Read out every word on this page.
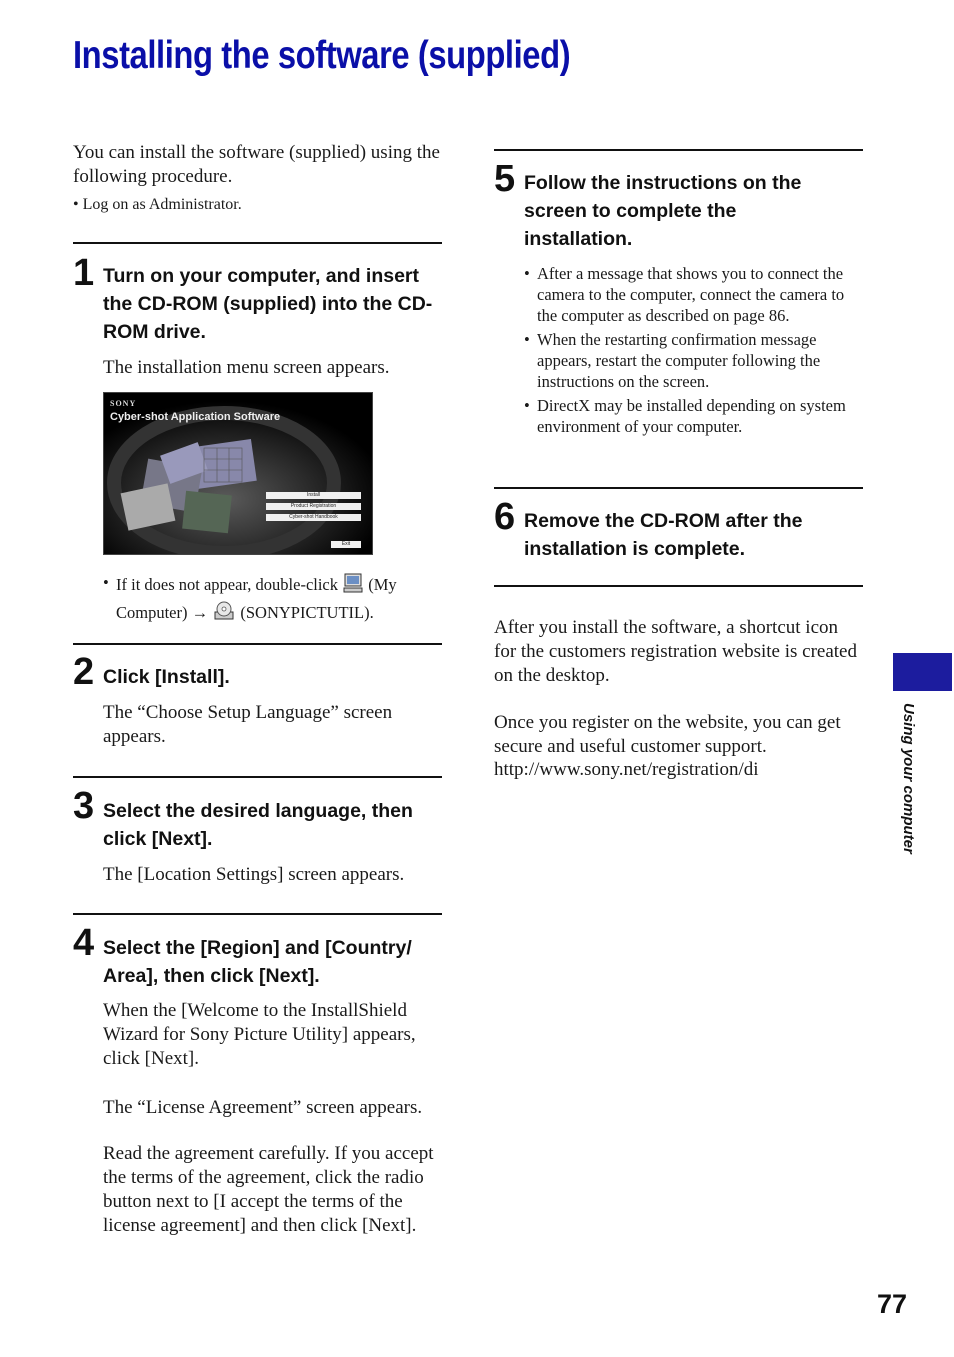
Installing the software (supplied)

You can install the software (supplied) using the following procedure.

• Log on as Administrator.
1 Turn on your computer, and insert the CD-ROM (supplied) into the CD-ROM drive.

The installation menu screen appears.

SONY
Cyber-shot Application Software
Install
Product Registration
Cyber-shot Handbook
Exit
• If it does not appear, double-click (My Computer) → (SONYPICTUTIL).
2 Click [Install].

The “Choose Setup Language” screen appears.

3 Select the desired language, then click [Next].

The [Location Settings] screen appears.

4 Select the [Region] and [Country/ Area], then click [Next].

When the [Welcome to the InstallShield Wizard for Sony Picture Utility] appears, click [Next].

The “License Agreement” screen appears.

Read the agreement carefully. If you accept the terms of the agreement, click the radio button next to [I accept the terms of the license agreement] and then click [Next].

5 Follow the instructions on the screen to complete the installation.

• After a message that shows you to connect the camera to the computer, connect the camera to the computer as described on page 86.
• When the restarting confirmation message appears, restart the computer following the instructions on the screen.
• DirectX may be installed depending on system environment of your computer.
6 Remove the CD-ROM after the installation is complete.

After you install the software, a shortcut icon for the customers registration website is created on the desktop.

Once you register on the website, you can get secure and useful customer support.

http://www.sony.net/registration/di	Using your computer
77
